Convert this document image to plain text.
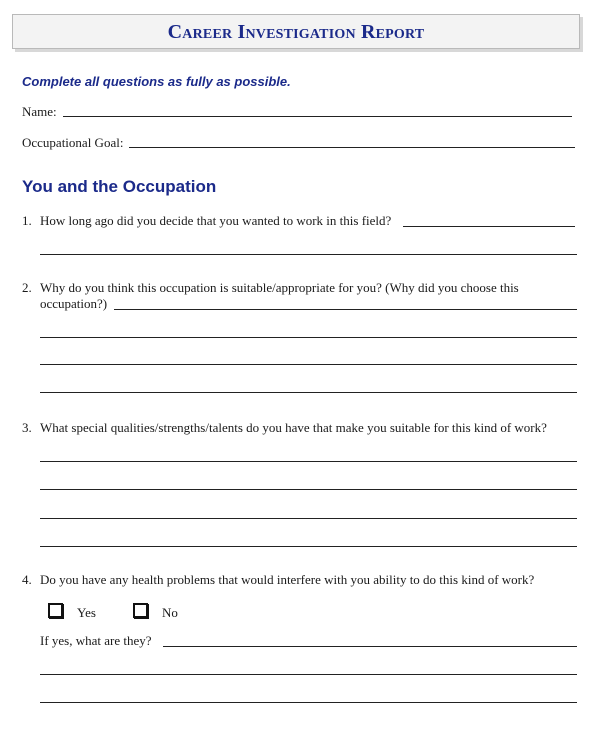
Career Investigation Report
Complete all questions as fully as possible.
Name:
Occupational Goal:
You and the Occupation
1. How long ago did you decide that you wanted to work in this field?
2. Why do you think this occupation is suitable/appropriate for you? (Why did you choose this
occupation?)
3. What special qualities/strengths/talents do you have that make you suitable for this kind of work?
4. Do you have any health problems that would interfere with you ability to do this kind of work?
Yes	No
If yes, what are they?
